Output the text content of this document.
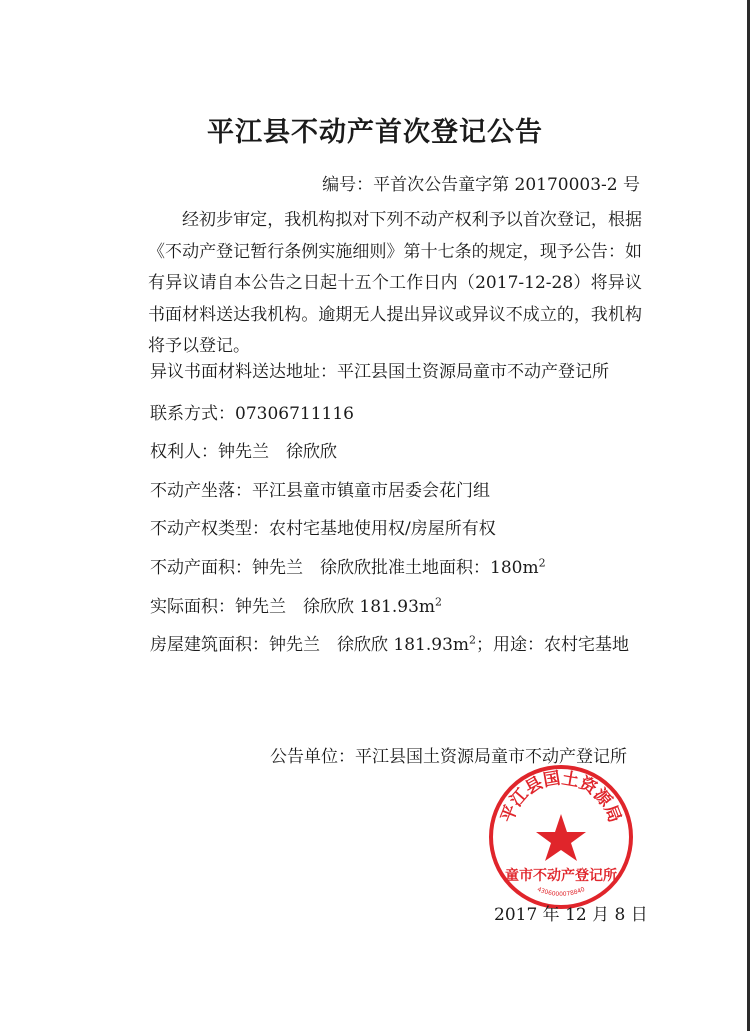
平江县不动产首次登记公告
编号：平首次公告童字第 20170003-2 号

经初步审定，我机构拟对下列不动产权利予以首次登记，根据《不动产登记暂行条例实施细则》第十七条的规定，现予公告：如有异议请自本公告之日起十五个工作日内（2017-12-28）将异议书面材料送达我机构。逾期无人提出异议或异议不成立的，我机构将予以登记。

异议书面材料送达地址：平江县国土资源局童市不动产登记所
联系方式：07306711116
权利人：钟先兰　徐欣欣
不动产坐落：平江县童市镇童市居委会花门组
不动产权类型：农村宅基地使用权/房屋所有权
不动产面积：钟先兰　徐欣欣批准土地面积：$180m^2$
实际面积：钟先兰　徐欣欣 $181.93m^2$
房屋建筑面积：钟先兰　徐欣欣 $181.93m^2$；用途：农村宅基地
公告单位：平江县国土资源局童市不动产登记所
平江县国土资源局
童市不动产登记所
4306000078840
2017 年 12 月 8 日
